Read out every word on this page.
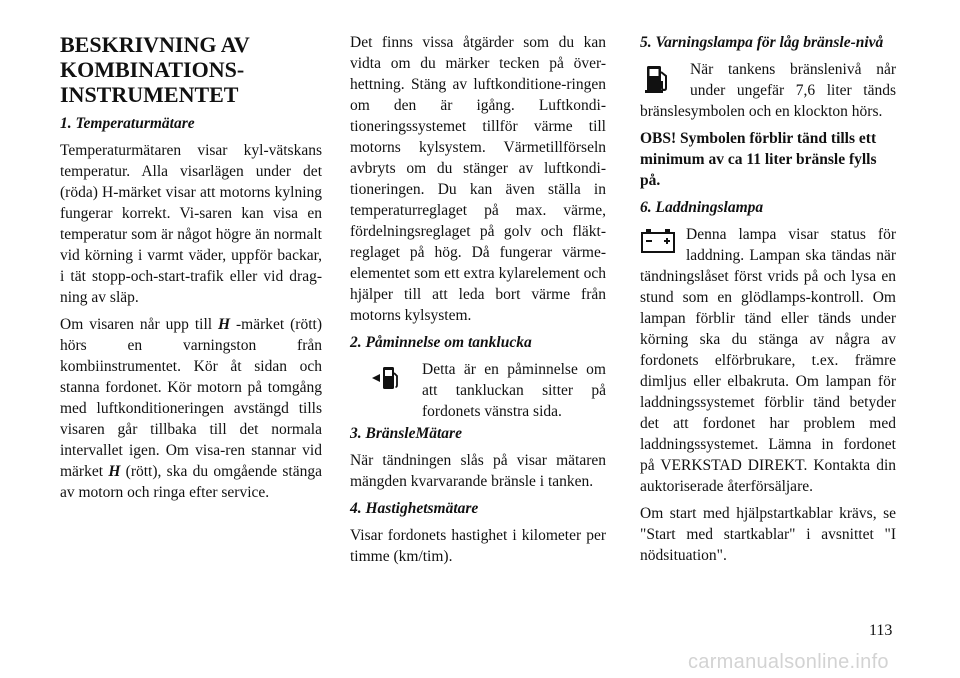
BESKRIVNING AV
KOMBINATIONS-
INSTRUMENTET
1. Temperaturmätare
Temperaturmätaren visar kyl-vätskans temperatur. Alla visarlägen under det (röda) H-märket visar att motorns kylning fungerar korrekt. Vi-saren kan visa en temperatur som är något högre än normalt vid körning i varmt väder, uppför backar, i tät stopp-och-start-trafik eller vid drag-ning av släp.
Om visaren når upp till H -märket (rött) hörs en varningston från kombiinstrumentet. Kör åt sidan och stanna fordonet. Kör motorn på tomgång med luftkonditioneringen avstängd tills visaren går tillbaka till det normala intervallet igen. Om visa-ren stannar vid märket H (rött), ska du omgående stänga av motorn och ringa efter service.
Det finns vissa åtgärder som du kan vidta om du märker tecken på över-hettning. Stäng av luftkonditione-ringen om den är igång. Luftkondi-tioneringssystemet tillför värme till motorns kylsystem. Värmetillförseln avbryts om du stänger av luftkondi-tioneringen. Du kan även ställa in temperaturreglaget på max. värme, fördelningsreglaget på golv och fläkt-reglaget på hög. Då fungerar värme-elementet som ett extra kylarelement och hjälper till att leda bort värme från motorns kylsystem.
2. Påminnelse om tanklucka
Detta är en påminnelse om att tankluckan sitter på fordonets vänstra sida.
3. BränsleMätare
När tändningen slås på visar mätaren mängden kvarvarande bränsle i tanken.
4. Hastighetsmätare
Visar fordonets hastighet i kilometer per timme (km/tim).
5. Varningslampa för låg bränsle-nivå
När tankens bränslenivå når under ungefär 7,6 liter tänds bränslesymbolen och en klockton hörs.
OBS! Symbolen förblir tänd tills ett minimum av ca 11 liter bränsle fylls på.
6. Laddningslampa
Denna lampa visar status för laddning. Lampan ska tändas när tändningslåset först vrids på och lysa en stund som en glödlamps-kontroll. Om lampan förblir tänd eller tänds under körning ska du stänga av några av fordonets elförbrukare, t.ex. främre dimljus eller elbakruta. Om lampan för laddningssystemet förblir tänd betyder det att fordonet har problem med laddningssystemet. Lämna in fordonet på VERKSTAD DIREKT. Kontakta din auktoriserade återförsäljare.
Om start med hjälpstartkablar krävs, se "Start med startkablar" i avsnittet "I nödsituation".
113
carmanualsonline.info
